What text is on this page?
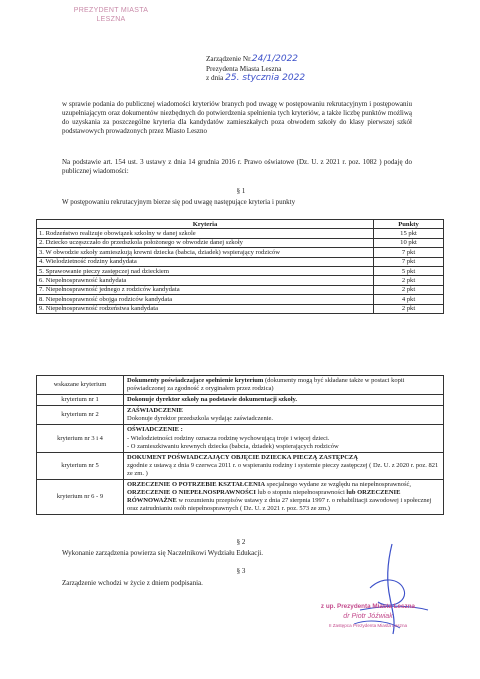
PREZYDENT MIASTA
LESZNA
Zarządzenie Nr.24/1/2022
Prezydenta Miasta Leszna
z dnia 25. stycznia 2022
w sprawie podania do publicznej wiadomości kryteriów branych pod uwagę w postępowaniu rekrutacyjnym i postępowaniu uzupełniającym oraz dokumentów niezbędnych do potwierdzenia spełnienia tych kryteriów, a także liczbę punktów możliwą do uzyskania za poszczególne kryteria dla kandydatów zamieszkałych poza obwodem szkoły do klasy pierwszej szkół podstawowych prowadzonych przez Miasto Leszno
Na podstawie art. 154 ust. 3 ustawy z dnia 14 grudnia 2016 r. Prawo oświatowe (Dz. U. z 2021 r. poz. 1082 ) podaję do publicznej wiadomości:
§ 1
W postępowaniu rekrutacyjnym bierze się pod uwagę następujące kryteria i punkty
Kryteria	Punkty
1. Rodzeństwo realizuje obowiązek szkolny w danej szkole	15 pkt
2. Dziecko uczęszczało do przedszkola położonego w obwodzie danej szkoły	10 pkt
3. W obwodzie szkoły zamieszkują krewni dziecka (babcia, dziadek) wspierający rodziców	7 pkt
4. Wielodzietność rodziny kandydata	7 pkt
5. Sprawowanie pieczy zastępczej nad dzieckiem	5 pkt
6. Niepełnosprawność kandydata	2 pkt
7. Niepełnosprawność jednego z rodziców kandydata	2 pkt
8. Niepełnosprawność obojga rodziców kandydata	4 pkt
9. Niepełnosprawność rodzeństwa kandydata	2 pkt
wskazane kryterium	Dokumenty poświadczające spełnienie kryterium (dokumenty mogą być składane także w postaci kopii poświadczonej za zgodność z oryginałem przez rodzica)
kryterium nr 1	Dokonuje dyrektor szkoły na podstawie dokumentacji szkoły.
kryterium nr 2	ZAŚWIADCZENIE
Dokonuje dyrektor przedszkola wydając zaświadczenie.

kryterium nr 3 i 4	OŚWIADCZENIE :
- Wielodzietności rodziny oznacza rodzinę wychowującą troje i więcej dzieci.
- O zamieszkiwaniu krewnych dziecka (babcia, dziadek) wspierających rodziców

kryterium nr 5	DOKUMENT POŚWIADCZAJĄCY OBJĘCIE DZIECKA PIECZĄ ZASTĘPCZĄ
zgodnie z ustawą z dnia 9 czerwca 2011 r. o wspieraniu rodziny i systemie pieczy zastępczej ( Dz. U. z 2020 r. poz. 821 ze zm. )

kryterium nr 6 - 9	ORZECZENIE O POTRZEBIE KSZTAŁCENIA specjalnego wydane ze względu na niepełnosprawność, ORZECZENIE O NIEPEŁNOSPRAWNOŚCI lub o stopniu niepełnosprawności lub ORZECZENIE RÓWNOWAŻNE w rozumieniu przepisów ustawy z dnia 27 sierpnia 1997 r. o rehabilitacji zawodowej i społecznej oraz zatrudnianiu osób niepełnosprawnych ( Dz. U. z 2021 r. poz. 573 ze zm.)
§ 2
Wykonanie zarządzenia powierza się Naczelnikowi Wydziału Edukacji.
§ 3
Zarządzenie wchodzi w życie z dniem podpisania.
z up. Prezydenta Miasta Leszna
dr Piotr Jóźwiak
II Zastępca Prezydenta Miasta Leszna
